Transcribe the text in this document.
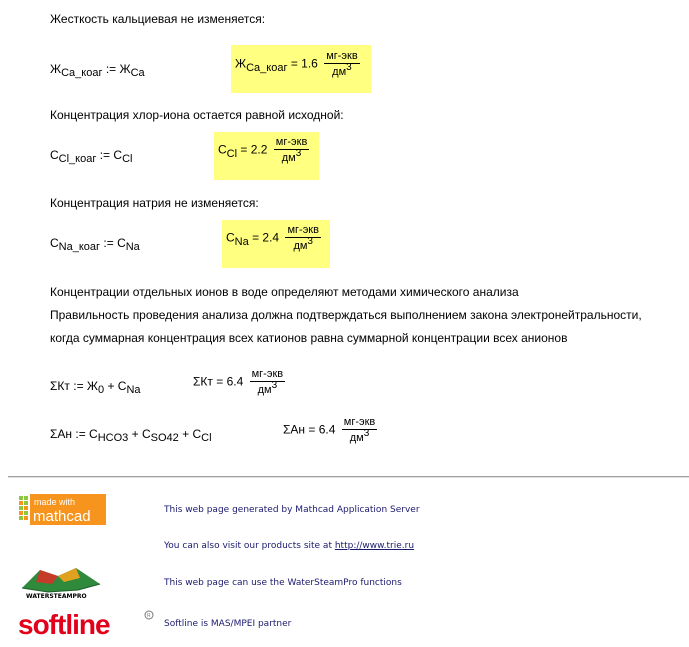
Жесткость кальциевая не изменяется:
ЖCa_коаг := ЖCa
ЖCa_коаг = $1.6 \frac{\text{мг-экв}}{дм3}$
Концентрация хлор-иона остается равной исходной:
CCl_коаг := CCl
CCl = $2.2 \frac{\text{мг-экв}}{дм3}$
Концентрация натрия не изменяется:
CNa_коаг := CNa
CNa = $2.4 \frac{\text{мг-экв}}{дм3}$
Концентрации отдельных ионов в воде определяют методами химического анализа
Правильность проведения анализа должна подтверждаться выполнением закона электронейтральности,
когда суммарная концентрация всех катионов равна суммарной концентрации всех анионов
ΣКт := Ж0 + CNa
$\Sigma Кт = 6.4 \frac{\text{мг-экв}}{дм3}$
ΣАн := CHCO3 + CSO42 + CCl
$\Sigma Ан = 6.4 \frac{\text{мг-экв}}{дм3}$
made with
mathcad
WATERSTEAMPRO
softline	R
This web page generated by Mathcad Application Server
You can also visit our products site at http://www.trie.ru
This web page can use the WaterSteamPro functions
Softline is MAS/MPEI partner
